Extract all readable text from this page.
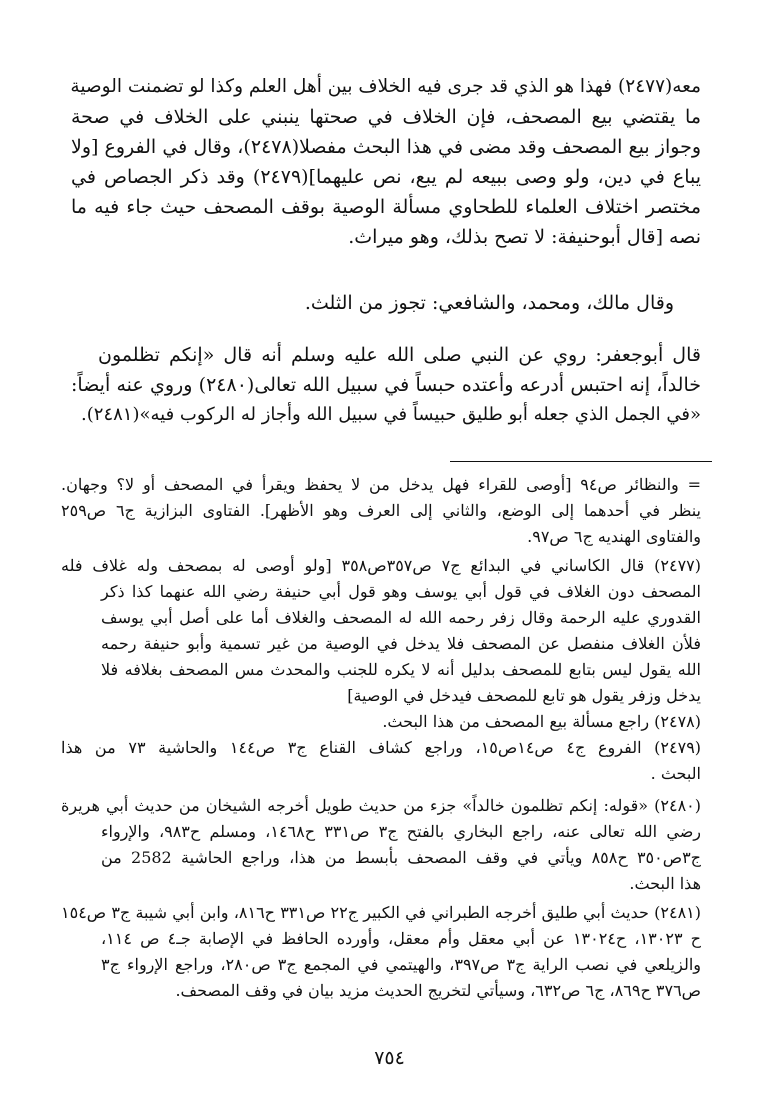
معه(٢٤٧٧) فهذا هو الذي قد جرى فيه الخلاف بين أهل العلم وكذا لو تضمنت الوصية
ما يقتضي بيع المصحف، فإن الخلاف في صحتها ينبني على الخلاف في صحة
وجواز بيع المصحف وقد مضى في هذا البحث مفصلا(٢٤٧٨)، وقال في الفروع [ولا
يباع في دين، ولو وصى ببيعه لم يبع، نص عليهما](٢٤٧٩) وقد ذكر الجصاص في
مختصر اختلاف العلماء للطحاوي مسألة الوصية بوقف المصحف حيث جاء فيه ما
نصه [قال أبوحنيفة: لا تصح بذلك، وهو ميراث.
وقال مالك، ومحمد، والشافعي: تجوز من الثلث.
قال أبوجعفر: روي عن النبي صلى الله عليه وسلم أنه قال «إنكم تظلمون
خالداً، إنه احتبس أدرعه وأعتده حبساً في سبيل الله تعالى(٢٤٨٠) وروي عنه أيضاً:
«في الجمل الذي جعله أبو طليق حبيساً في سبيل الله وأجاز له الركوب فيه»(٢٤٨١).
= والنظائر ص٩٤ [أوصى للقراء فهل يدخل من لا يحفظ ويقرأ في المصحف أو لا؟ وجهان.
ينظر في أحدهما إلى الوضع، والثاني إلى العرف وهو الأظهر]. الفتاوى البزازية ج٦ ص٢٥٩
والفتاوى الهنديه ج٦ ص٩٧.
(٢٤٧٧) قال الكاساني في البدائع ج٧ ص٣٥٧ص٣٥٨ [ولو أوصى له بمصحف وله غلاف فله
المصحف دون الغلاف في قول أبي يوسف وهو قول أبي حنيفة رضي الله عنهما كذا ذكر
القدوري عليه الرحمة وقال زفر رحمه الله له المصحف والغلاف أما على أصل أبي يوسف
فلأن الغلاف منفصل عن المصحف فلا يدخل في الوصية من غير تسمية وأبو حنيفة رحمه
الله يقول ليس بتابع للمصحف بدليل أنه لا يكره للجنب والمحدث مس المصحف بغلافه فلا
يدخل وزفر يقول هو تابع للمصحف فيدخل في الوصية]
(٢٤٧٨) راجع مسألة بيع المصحف من هذا البحث.
(٢٤٧٩) الفروع ج٤ ص١٤ص١٥، وراجع كشاف القناع ج٣ ص١٤٤ والحاشية ٧٣ من هذا
البحث .
(٢٤٨٠) «قوله: إنكم تظلمون خالداً» جزء من حديث طويل أخرجه الشيخان من حديث أبي هريرة
رضي الله تعالى عنه، راجع البخاري بالفتح ج٣ ص٣٣١ ح١٤٦٨، ومسلم ح٩٨٣، والإرواء
ج٣ص٣٥٠ ح٨٥٨ ويأتي في وقف المصحف بأبسط من هذا، وراجع الحاشية 2582 من
هذا البحث.
(٢٤٨١) حديث أبي طليق أخرجه الطبراني في الكبير ج٢٢ ص٣٣١ ح٨١٦، وابن أبي شيبة ج٣ ص١٥٤
ح ١٣٠٢٣، ح١٣٠٢٤ عن أبي معقل وأم معقل، وأورده الحافظ في الإصابة جـ٤ ص ١١٤،
والزيلعي في نصب الراية ج٣ ص٣٩٧، والهيتمي في المجمع ج٣ ص٢٨٠، وراجع الإرواء ج٣
ص٣٧٦ ح٨٦٩، ج٦ ص٦٣٢، وسيأتي لتخريج الحديث مزيد بيان في وقف المصحف.
٧٥٤
